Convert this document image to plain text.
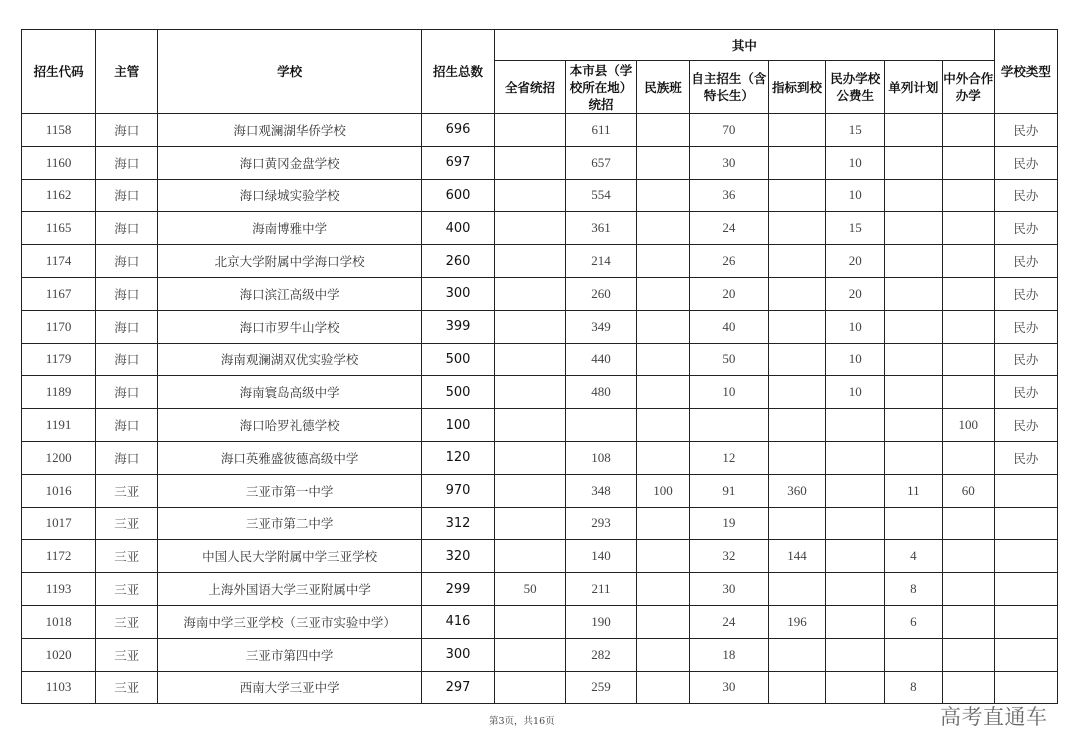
招生代码	主管	学校	招生总数	其中								学校类型
				全省统招	本市县（学校所在地）统招	民族班	自主招生（含特长生）	指标到校	民办学校公费生	单列计划	中外合作办学	
1158	海口	海口观澜湖华侨学校	696		611		70		15			民办
1160	海口	海口黄冈金盘学校	697		657		30		10			民办
1162	海口	海口绿城实验学校	600		554		36		10			民办
1165	海口	海南博雅中学	400		361		24		15			民办
1174	海口	北京大学附属中学海口学校	260		214		26		20			民办
1167	海口	海口滨江高级中学	300		260		20		20			民办
1170	海口	海口市罗牛山学校	399		349		40		10			民办
1179	海口	海南观澜湖双优实验学校	500		440		50		10			民办
1189	海口	海南寰岛高级中学	500		480		10		10			民办
1191	海口	海口哈罗礼德学校	100								100	民办
1200	海口	海口英雅盛彼德高级中学	120		108		12					民办
1016	三亚	三亚市第一中学	970		348	100	91	360		11	60	
1017	三亚	三亚市第二中学	312		293		19					
1172	三亚	中国人民大学附属中学三亚学校	320		140		32	144		4		
1193	三亚	上海外国语大学三亚附属中学	299	50	211		30			8		
1018	三亚	海南中学三亚学校（三亚市实验中学）	416		190		24	196		6		
1020	三亚	三亚市第四中学	300		282		18					
1103	三亚	西南大学三亚中学	297		259		30			8		
第3页，共16页	高考直通车
